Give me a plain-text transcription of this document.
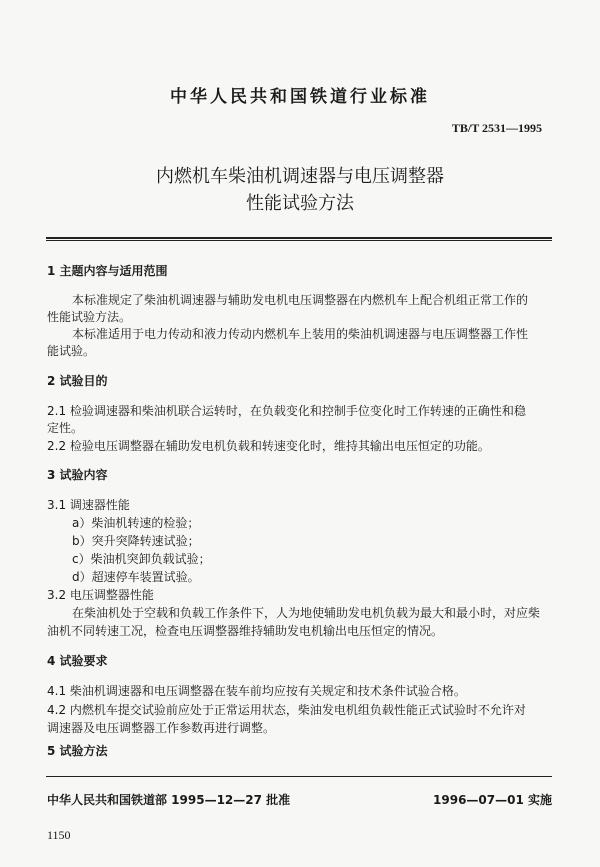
中华人民共和国铁道行业标准
TB/T 2531—1995
内燃机车柴油机调速器与电压调整器
性能试验方法
1 主题内容与适用范围
本标准规定了柴油机调速器与辅助发电机电压调整器在内燃机车上配合机组正常工作的
性能试验方法。
本标准适用于电力传动和液力传动内燃机车上装用的柴油机调速器与电压调整器工作性
能试验。
2 试验目的
2.1 检验调速器和柴油机联合运转时，在负载变化和控制手位变化时工作转速的正确性和稳
定性。
2.2 检验电压调整器在辅助发电机负载和转速变化时，维持其输出电压恒定的功能。
3 试验内容
3.1 调速器性能
a）柴油机转速的检验；
b）突升突降转速试验；
c）柴油机突卸负载试验；
d）超速停车装置试验。
3.2 电压调整器性能
在柴油机处于空载和负载工作条件下，人为地使辅助发电机负载为最大和最小时，对应柴
油机不同转速工况，检查电压调整器维持辅助发电机输出电压恒定的情况。
4 试验要求
4.1 柴油机调速器和电压调整器在装车前均应按有关规定和技术条件试验合格。
4.2 内燃机车提交试验前应处于正常运用状态，柴油发电机组负载性能正式试验时不允许对
调速器及电压调整器工作参数再进行调整。
5 试验方法
中华人民共和国铁道部 1995—12—27 批准	1996—07—01 实施
1150
